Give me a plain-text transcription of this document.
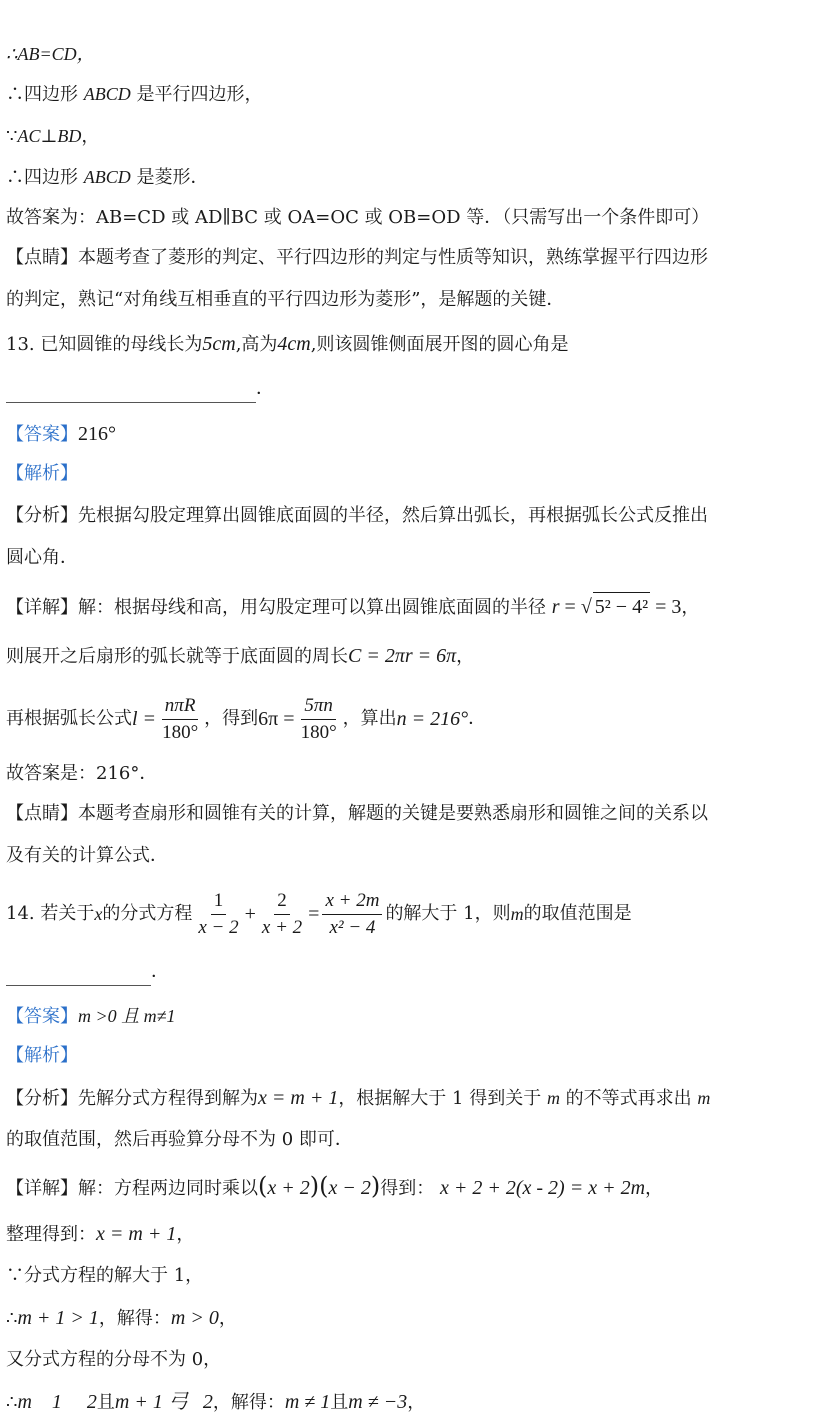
∴AB=CD，
∴四边形 ABCD 是平行四边形，
∵AC⊥BD，
∴四边形 ABCD 是菱形．
故答案为：AB=CD 或 AD∥BC 或 OA=OC 或 OB=OD 等．（只需写出一个条件即可）
【点睛】本题考查了菱形的判定、平行四边形的判定与性质等知识，熟练掌握平行四边形
的判定，熟记“对角线互相垂直的平行四边形为菱形”，是解题的关键．
13. 已知圆锥的母线长为5cm,高为4cm,则该圆锥侧面展开图的圆心角是
．
【答案】216°
【解析】
【分析】先根据勾股定理算出圆锥底面圆的半径，然后算出弧长，再根据弧长公式反推出
圆心角．
【详解】解：根据母线和高，用勾股定理可以算出圆锥底面圆的半径 r = √ 5² − 4² = 3，
则展开之后扇形的弧长就等于底面圆的周长C = 2πr = 6π，
再根据弧长公式 $l = \frac{\text{nπR}}{180^\circ}$ ，得到 $6\pi = \frac{5\pi n}{180^\circ}$ ，算出 n = 216° ．
故答案是：216°．
【点睛】本题考查扇形和圆锥有关的计算，解题的关键是要熟悉扇形和圆锥之间的关系以
及有关的计算公式．
14. 若关于 x 的分式方程 $\frac{1}{x - 2} + \frac{2}{x + 2} = \frac{x + 2m}{\text{x² − 4}}$ 的解大于 1，则 m 的取值范围是
．
【答案】m >0 且 m≠1
【解析】
【分析】先解分式方程得到解为x = m + 1，根据解大于 1 得到关于 m 的不等式再求出 m
的取值范围，然后再验算分母不为 0 即可．
【详解】解：方程两边同时乘以(x + 2)(x − 2)得到： x + 2 + 2(x - 2) = x + 2m，
整理得到：x = m + 1，
∵分式方程的解大于 1，
∴m + 1 > 1，解得：m > 0，
又分式方程的分母不为 0，
∴m    1     2且m + 1 弓   2，解得：m ≠ 1且m ≠ −3，
